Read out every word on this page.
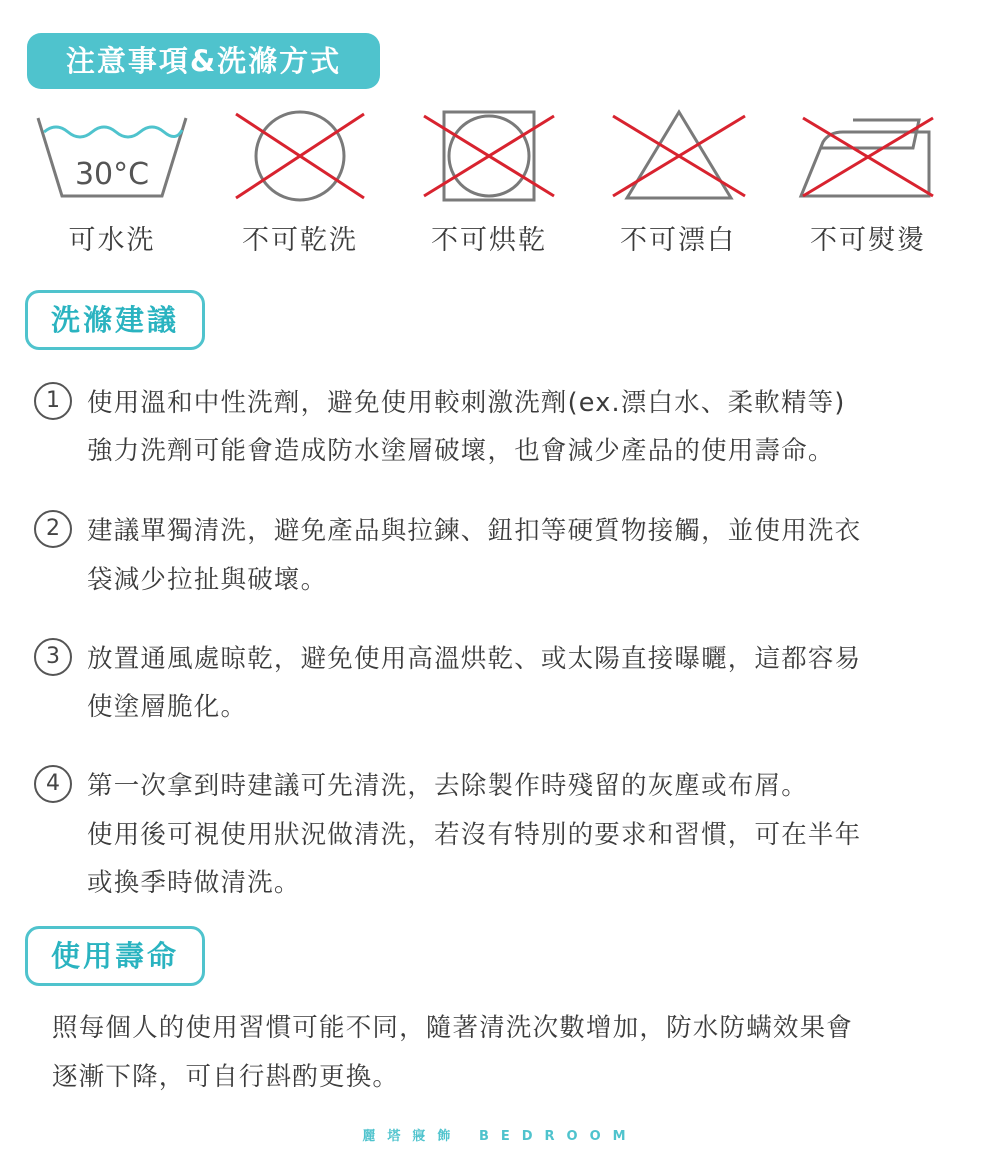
注意事項&洗滌方式
30°C
可水洗	不可乾洗	不可烘乾	不可漂白	不可熨燙
洗滌建議
1	使用溫和中性洗劑，避免使用較刺激洗劑(ex.漂白水、柔軟精等)
強力洗劑可能會造成防水塗層破壞，也會減少產品的使用壽命。
2	建議單獨清洗，避免產品與拉鍊、鈕扣等硬質物接觸，並使用洗衣
袋減少拉扯與破壞。
3	放置通風處晾乾，避免使用高溫烘乾、或太陽直接曝曬，這都容易
使塗層脆化。
4	第一次拿到時建議可先清洗，去除製作時殘留的灰塵或布屑。
使用後可視使用狀況做清洗，若沒有特別的要求和習慣，可在半年
或換季時做清洗。
使用壽命
照每個人的使用習慣可能不同，隨著清洗次數增加，防水防螨效果會
逐漸下降，可自行斟酌更換。
麗塔寢飾 BEDROOM
